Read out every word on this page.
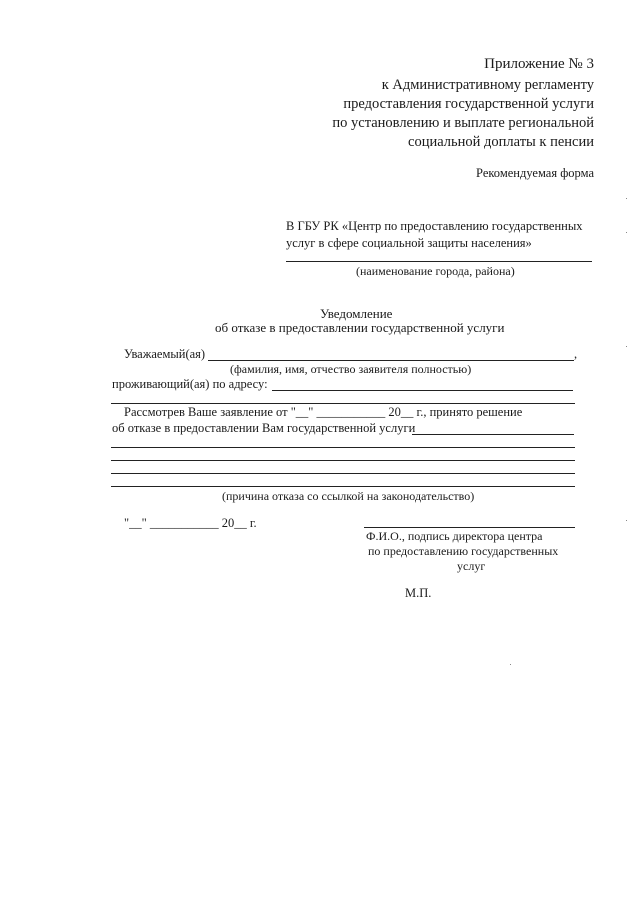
Приложение № 3
к Административному регламенту
предоставления государственной услуги
по установлению и выплате региональной
социальной доплаты к пенсии
Рекомендуемая форма
В ГБУ РК «Центр по предоставлению государственных
услуг в сфере социальной защиты населения»
(наименование города, района)
Уведомление
об отказе в предоставлении государственной услуги
Уважаемый(ая)	,
(фамилия, имя, отчество заявителя полностью)
проживающий(ая) по адресу:
Рассмотрев Ваше заявление от "__" ___________ 20__ г., принято решение
об отказе в предоставлении Вам государственной услуги
(причина отказа со ссылкой на законодательство)
"__" ___________ 20__ г.
Ф.И.О., подпись директора центра
по предоставлению государственных
услуг
М.П.
